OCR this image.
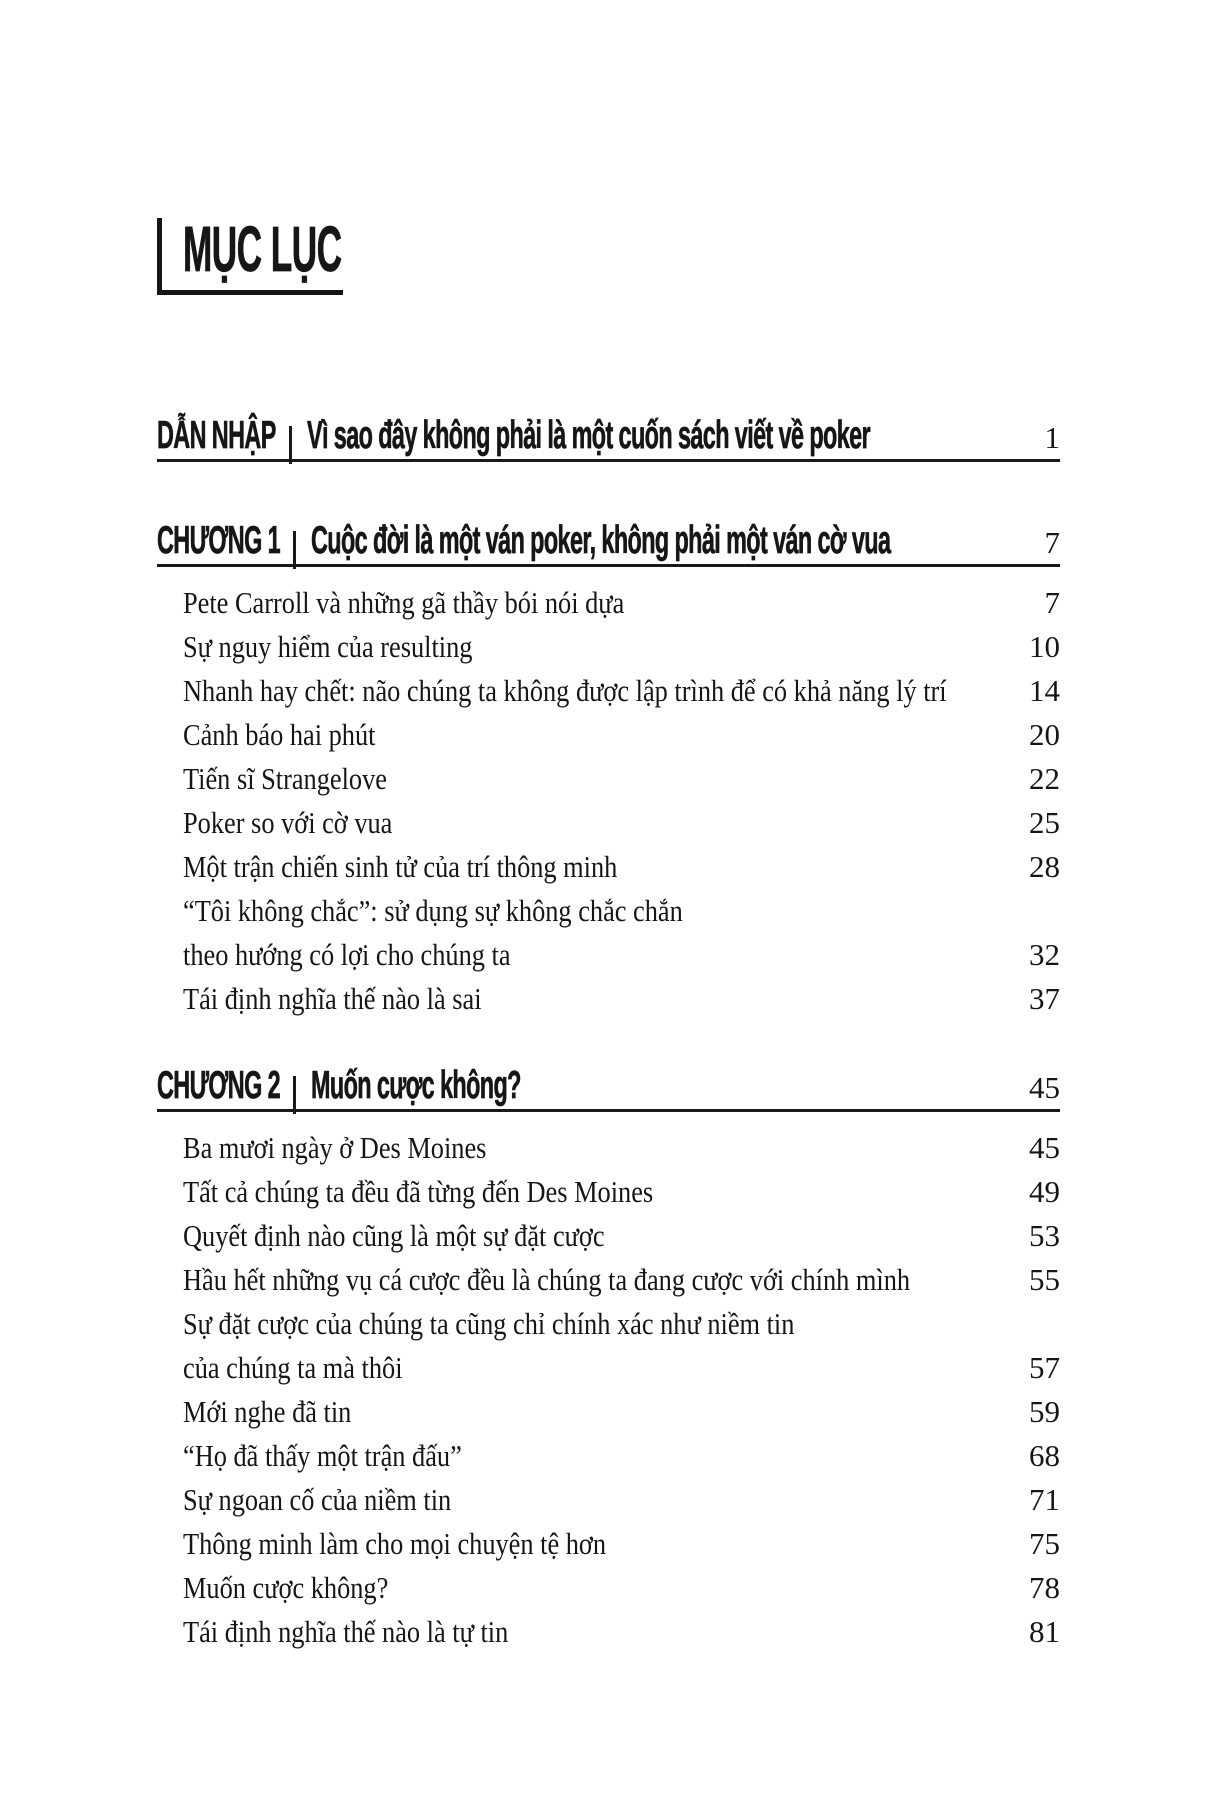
MỤC LỤC
DẪN NHẬP Vì sao đây không phải là một cuốn sách viết về poker	1
CHƯƠNG 1 Cuộc đời là một ván poker, không phải một ván cờ vua	7
Pete Carroll và những gã thầy bói nói dựa	7
Sự nguy hiểm của resulting	10
Nhanh hay chết: não chúng ta không được lập trình để có khả năng lý trí	14
Cảnh báo hai phút	20
Tiến sĩ Strangelove	22
Poker so với cờ vua	25
Một trận chiến sinh tử của trí thông minh	28
“Tôi không chắc”: sử dụng sự không chắc chắn
theo hướng có lợi cho chúng ta	32
Tái định nghĩa thế nào là sai	37
CHƯƠNG 2 Muốn cược không?	45
Ba mươi ngày ở Des Moines	45
Tất cả chúng ta đều đã từng đến Des Moines	49
Quyết định nào cũng là một sự đặt cược	53
Hầu hết những vụ cá cược đều là chúng ta đang cược với chính mình	55
Sự đặt cược của chúng ta cũng chỉ chính xác như niềm tin
của chúng ta mà thôi	57
Mới nghe đã tin	59
“Họ đã thấy một trận đấu”	68
Sự ngoan cố của niềm tin	71
Thông minh làm cho mọi chuyện tệ hơn	75
Muốn cược không?	78
Tái định nghĩa thế nào là tự tin	81
